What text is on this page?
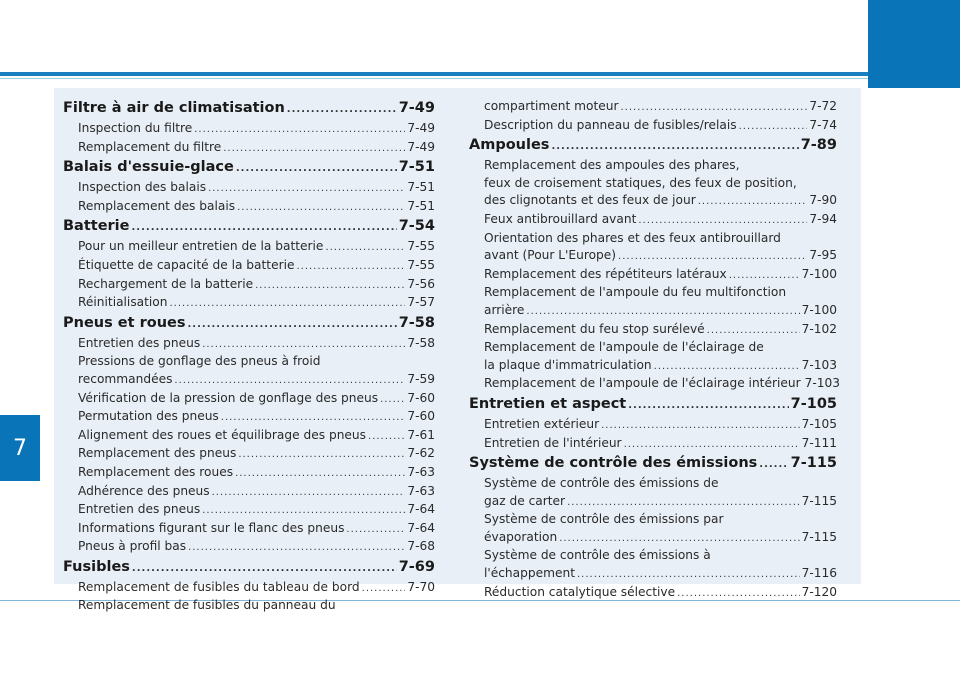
7
Filtre à air de climatisation .....	7-49
Inspection du filtre .....	7-49
Remplacement du filtre .....	7-49
Balais d'essuie-glace .....	7-51
Inspection des balais .....	7-51
Remplacement des balais .....	7-51
Batterie .....	7-54
Pour un meilleur entretien de la batterie .....	7-55
Étiquette de capacité de la batterie .....	7-55
Rechargement de la batterie .....	7-56
Réinitialisation .....	7-57
Pneus et roues .....	7-58
Entretien des pneus .....	7-58
Pressions de gonflage des pneus à froid
recommandées .....	7-59
Vérification de la pression de gonflage des pneus ..... 7-60
Permutation des pneus .....	7-60
Alignement des roues et équilibrage des pneus .....	7-61
Remplacement des pneus .....	7-62
Remplacement des roues .....	7-63
Adhérence des pneus .....	7-63
Entretien des pneus .....	7-64
Informations figurant sur le flanc des pneus .....	7-64
Pneus à profil bas .....	7-68
Fusibles .....	7-69
Remplacement de fusibles du tableau de bord .....	7-70
Remplacement de fusibles du panneau du
compartiment moteur .....	7-72
Description du panneau de fusibles/relais .....	7-74
Ampoules .....	7-89
Remplacement des ampoules des phares,
feux de croisement statiques, des feux de position,
des clignotants et des feux de jour .....	7-90
Feux antibrouillard avant .....	7-94
Orientation des phares et des feux antibrouillard
avant (Pour L'Europe) .....	7-95
Remplacement des répétiteurs latéraux .....	7-100
Remplacement de l'ampoule du feu multifonction
arrière .....	7-100
Remplacement du feu stop surélevé .....	7-102
Remplacement de l'ampoule de l'éclairage de
la plaque d'immatriculation .....	7-103
Remplacement de l'ampoule de l'éclairage intérieur 7-103
Entretien et aspect .....	7-105
Entretien extérieur .....	7-105
Entretien de l'intérieur .....	7-111
Système de contrôle des émissions ..... 7-115
Système de contrôle des émissions de
gaz de carter .....	7-115
Système de contrôle des émissions par
évaporation .....	7-115
Système de contrôle des émissions à
l'échappement .....	7-116
Réduction catalytique sélective .....	7-120
